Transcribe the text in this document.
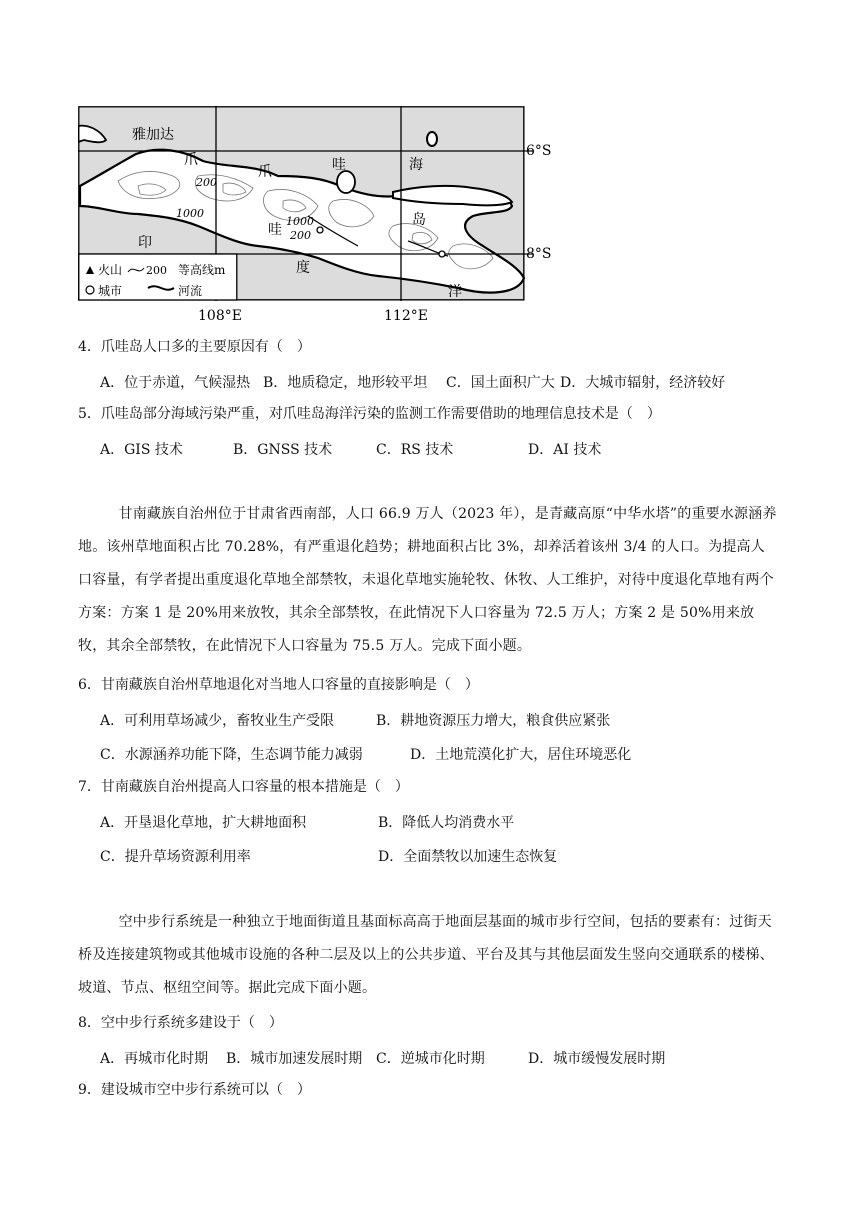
雅加达
爪
爪	哇	海
岛
哇
印
度
洋
200
1000
1000
200
火山 200 等高线m
城市	河流
6°S
8°S
108°E	112°E
4．爪哇岛人口多的主要原因有（　）
A．位于赤道，气候湿热 B．地质稳定，地形较平坦 C．国土面积广大 D．大城市辐射，经济较好
5．爪哇岛部分海域污染严重，对爪哇岛海洋污染的监测工作需要借助的地理信息技术是（　）
A．GIS 技术	B．GNSS 技术	C．RS 技术	D．AI 技术

甘南藏族自治州位于甘肃省西南部，人口 66.9 万人（2023 年），是青藏高原“中华水塔”的重要水源涵养地。该州草地面积占比 70.28%，有严重退化趋势；耕地面积占比 3%，却养活着该州 3/4 的人口。为提高人口容量，有学者提出重度退化草地全部禁牧，未退化草地实施轮牧、休牧、人工维护，对待中度退化草地有两个方案：方案 1 是 20%用来放牧，其余全部禁牧，在此情况下人口容量为 72.5 万人；方案 2 是 50%用来放牧，其余全部禁牧，在此情况下人口容量为 75.5 万人。完成下面小题。

6．甘南藏族自治州草地退化对当地人口容量的直接影响是（　）
A．可利用草场减少，畜牧业生产受限	B．耕地资源压力增大，粮食供应紧张
C．水源涵养功能下降，生态调节能力减弱	D．土地荒漠化扩大，居住环境恶化
7．甘南藏族自治州提高人口容量的根本措施是（　）
A．开垦退化草地，扩大耕地面积	B．降低人均消费水平
C．提升草场资源利用率	D．全面禁牧以加速生态恢复

空中步行系统是一种独立于地面街道且基面标高高于地面层基面的城市步行空间，包括的要素有：过街天桥及连接建筑物或其他城市设施的各种二层及以上的公共步道、平台及其与其他层面发生竖向交通联系的楼梯、坡道、节点、枢纽空间等。据此完成下面小题。

8．空中步行系统多建设于（　）
A．再城市化时期 B．城市加速发展时期 C．逆城市化时期	D．城市缓慢发展时期
9．建设城市空中步行系统可以（　）
